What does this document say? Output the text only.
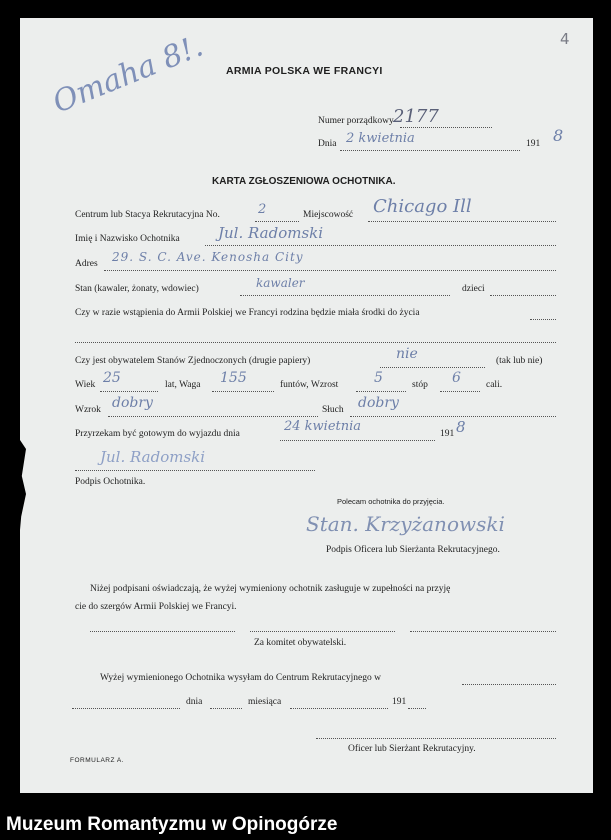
4
ARMIA POLSKA WE FRANCYI
Omaha 8!.
Numer porządkowy 2177
Dnia 2 kwietnia	191 8
KARTA ZGŁOSZENIOWA OCHOTNIKA.
Centrum lub Stacya Rekrutacyjna No.	2	Miejscowość Chicago Ill
Imię i Nazwisko Ochotnika	Jul. Radomski
Adres 29. S. C. Ave. Kenosha City
Stan (kawaler, żonaty, wdowiec)	kawaler	dzieci
Czy w razie wstąpienia do Armii Polskiej we Francyi rodzina będzie miała środki do życia
Czy jest obywatelem Stanów Zjednoczonych (drugie papiery)	nie	(tak lub nie)
Wiek 25	lat, Waga 155	funtów, Wzrost	5	stóp 6	cali.
Wzrok dobry	Słuch dobry
Przyrzekam być gotowym do wyjazdu dnia	24 kwietnia	191 8
Jul. Radomski
Podpis Ochotnika.
Polecam ochotnika do przyjęcia.
Stan. Krzyżanowski
Podpis Oficera lub Sierżanta Rekrutacyjnego.
Niżej podpisani oświadczają, że wyżej wymieniony ochotnik zasługuje w zupełności na przyję
cie do szergów Armii Polskiej we Francyi.
Za komitet obywatelski.
Wyżej wymienionego Ochotnika wysyłam do Centrum Rekrutacyjnego w
dnia	miesiąca	191
Oficer lub Sierżant Rekrutacyjny.
FORMULARZ A.
Muzeum Romantyzmu w Opinogórze
